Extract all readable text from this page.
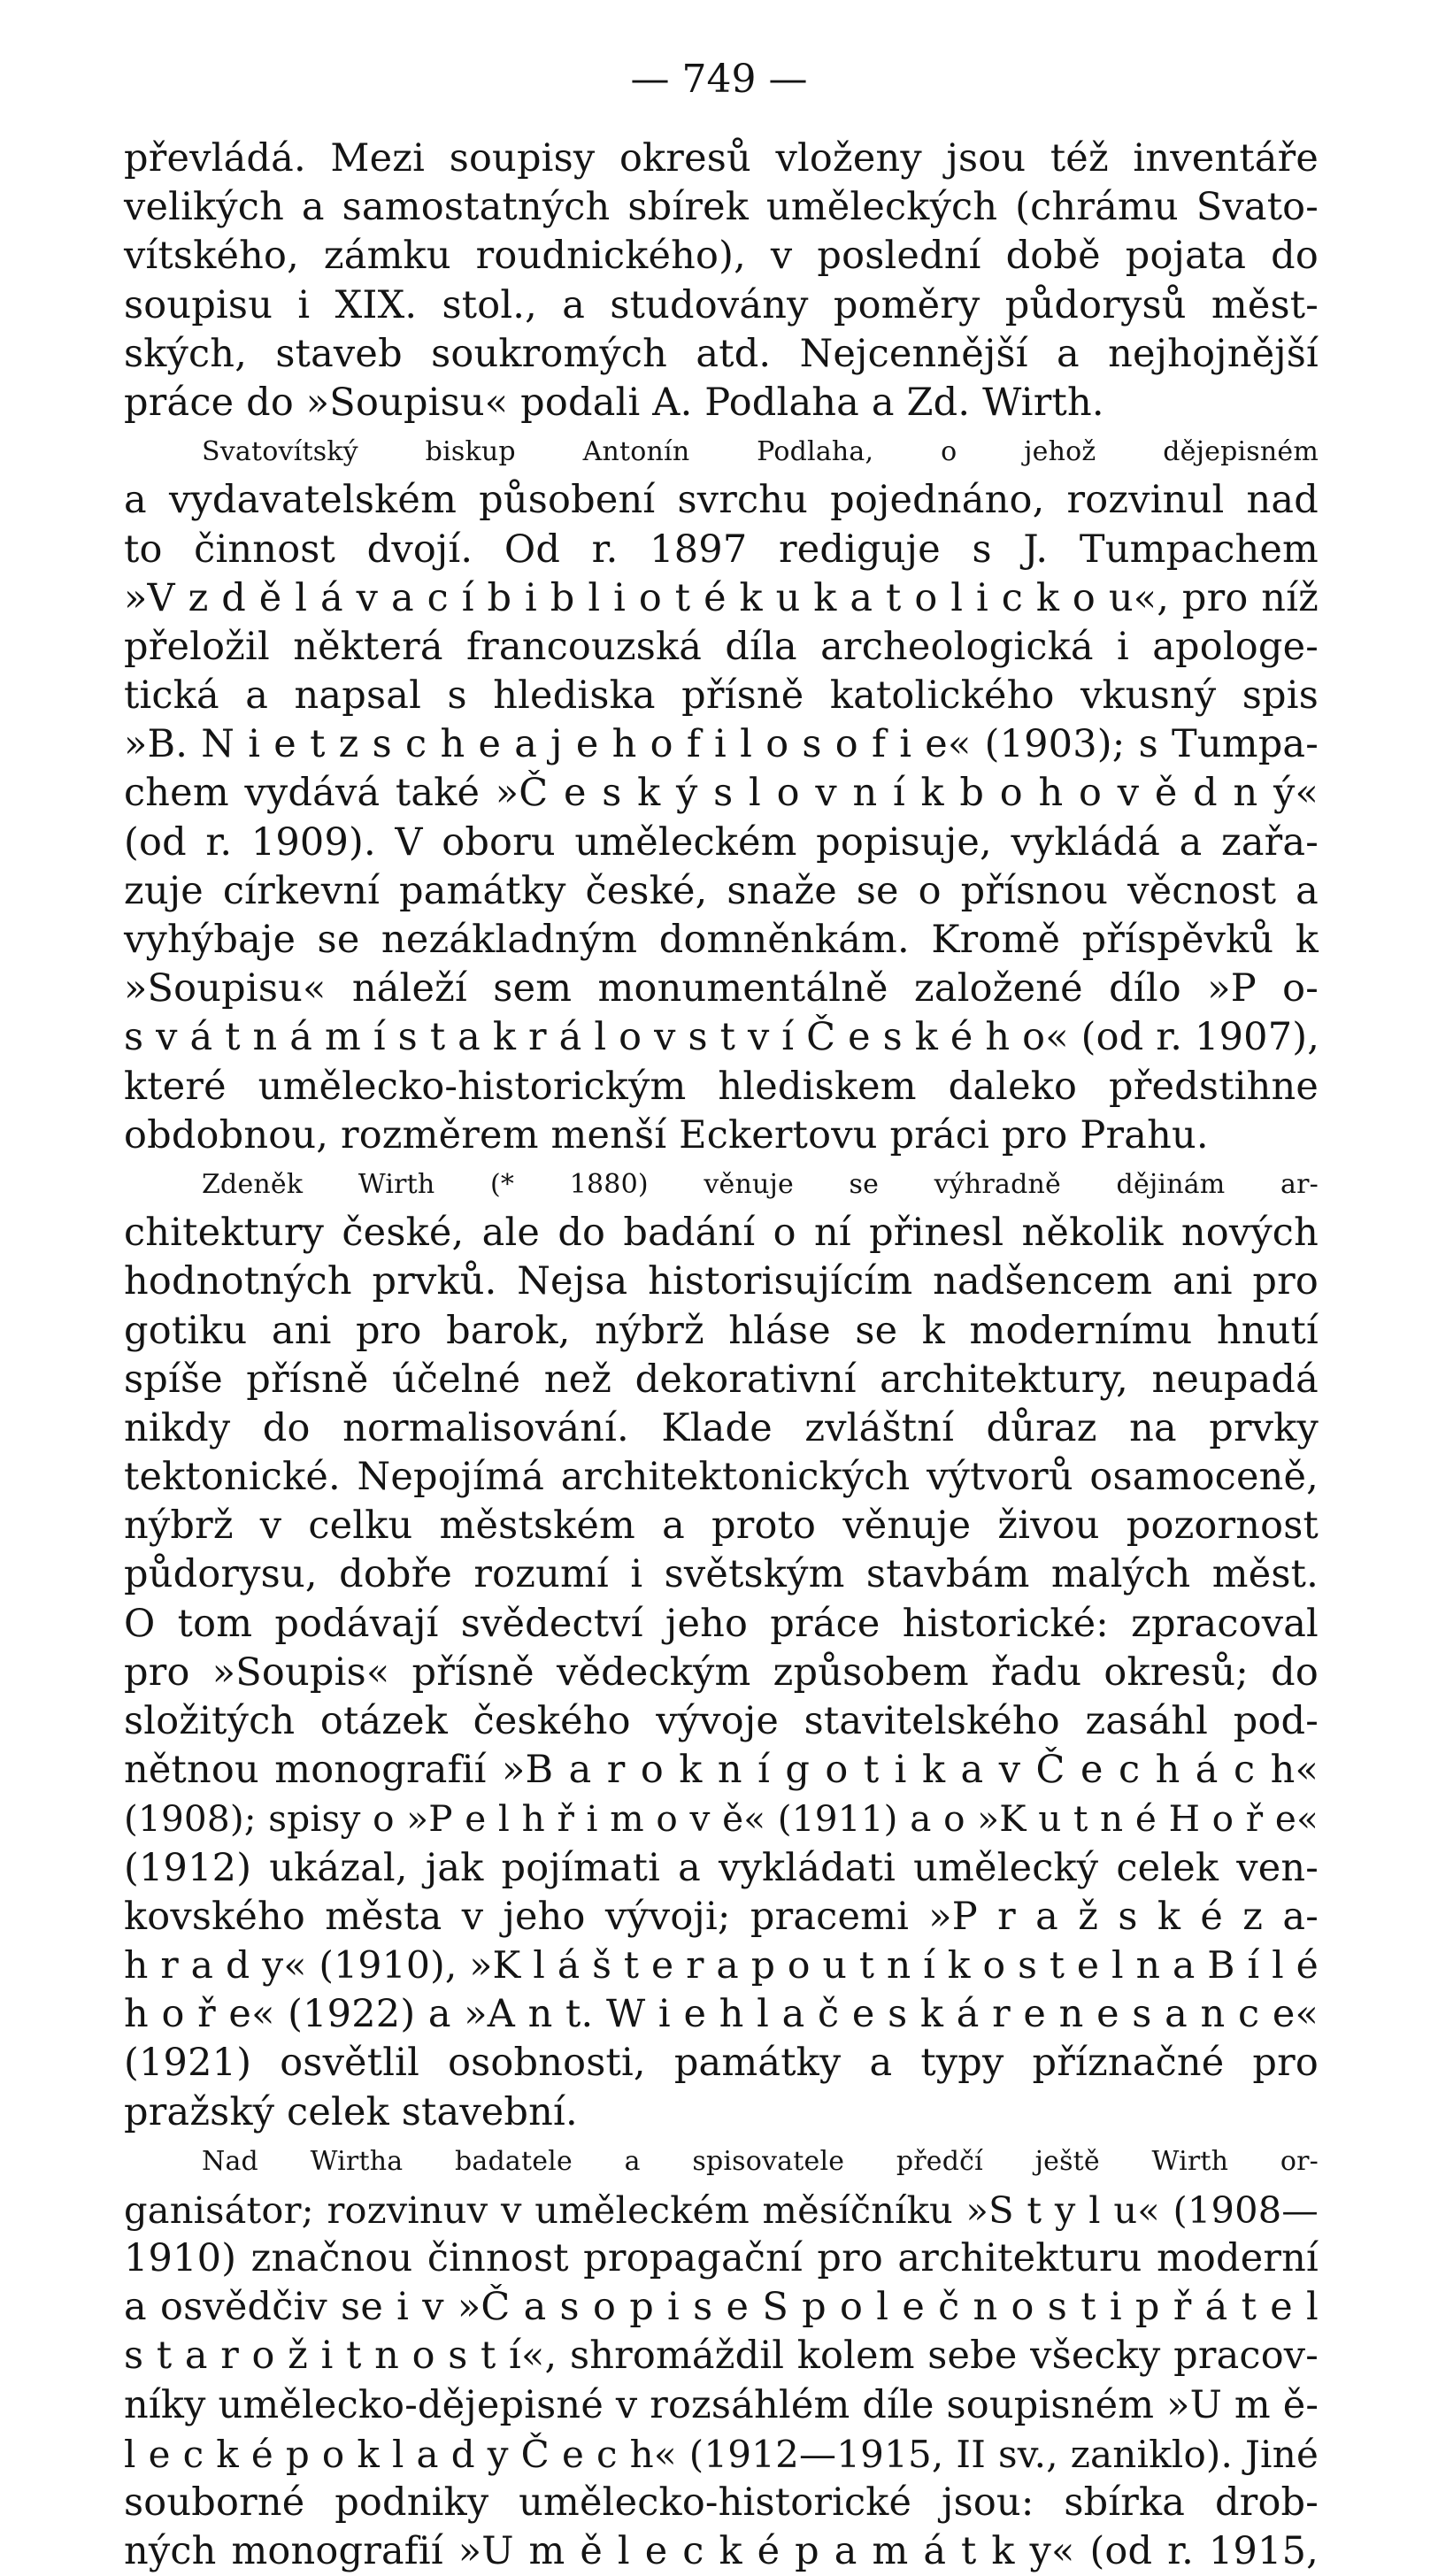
— 749 —
převládá. Mezi soupisy okresů vloženy jsou též inventáře
velikých a samostatných sbírek uměleckých (chrámu Svato-
vítského, zámku roudnického), v poslední době pojata do
soupisu i XIX. stol., a studovány poměry půdorysů měst-
ských, staveb soukromých atd. Nejcennější a nejhojnější
práce do »Soupisu« podali A. Podlaha a Zd. Wirth.
Svatovítský biskup Antonín Podlaha, o jehož dějepisném
a vydavatelském působení svrchu pojednáno, rozvinul nad
to činnost dvojí. Od r. 1897 rediguje s J. Tumpachem
»V z d ě l á v a c í b i b l i o t é k u k a t o l i c k o u«, pro níž
přeložil některá francouzská díla archeologická i apologe-
tická a napsal s hlediska přísně katolického vkusný spis
»B. N i e t z s c h e a j e h o f i l o s o f i e« (1903); s Tumpa-
chem vydává také »Č e s k ý s l o v n í k b o h o v ě d n ý«
(od r. 1909). V oboru uměleckém popisuje, vykládá a zařa-
zuje církevní památky české, snaže se o přísnou věcnost a
vyhýbaje se nezákladným domněnkám. Kromě příspěvků k
»Soupisu« náleží sem monumentálně založené dílo »P o-
s v á t n á m í s t a k r á l o v s t v í Č e s k é h o« (od r. 1907),
které umělecko-historickým hlediskem daleko předstihne
obdobnou, rozměrem menší Eckertovu práci pro Prahu.
Zdeněk Wirth (* 1880) věnuje se výhradně dějinám ar-
chitektury české, ale do badání o ní přinesl několik nových
hodnotných prvků. Nejsa historisujícím nadšencem ani pro
gotiku ani pro barok, nýbrž hláse se k modernímu hnutí
spíše přísně účelné než dekorativní architektury, neupadá
nikdy do normalisování. Klade zvláštní důraz na prvky
tektonické. Nepojímá architektonických výtvorů osamoceně,
nýbrž v celku městském a proto věnuje živou pozornost
půdorysu, dobře rozumí i světským stavbám malých měst.
O tom podávají svědectví jeho práce historické: zpracoval
pro »Soupis« přísně vědeckým způsobem řadu okresů; do
složitých otázek českého vývoje stavitelského zasáhl pod-
nětnou monografií »B a r o k n í g o t i k a v Č e c h á c h«
(1908); spisy o »P e l h ř i m o v ě« (1911) a o »K u t n é H o ř e«
(1912) ukázal, jak pojímati a vykládati umělecký celek ven-
kovského města v jeho vývoji; pracemi »P r a ž s k é z a-
h r a d y« (1910), »K l á š t e r a p o u t n í k o s t e l n a B í l é
h o ř e« (1922) a »A n t. W i e h l a č e s k á r e n e s a n c e«
(1921) osvětlil osobnosti, památky a typy příznačné pro
pražský celek stavební.
Nad Wirtha badatele a spisovatele předčí ještě Wirth or-
ganisátor; rozvinuv v uměleckém měsíčníku »S t y l u« (1908—
1910) značnou činnost propagační pro architekturu moderní
a osvědčiv se i v »Č a s o p i s e S p o l e č n o s t i p ř á t e l
s t a r o ž i t n o s t í«, shromáždil kolem sebe všecky pracov-
níky umělecko-dějepisné v rozsáhlém díle soupisném »U m ě-
l e c k é p o k l a d y Č e c h« (1912—1915, II sv., zaniklo). Jiné
souborné podniky umělecko-historické jsou: sbírka drob-
ných monografií »U m ě l e c k é p a m á t k y« (od r. 1915,
